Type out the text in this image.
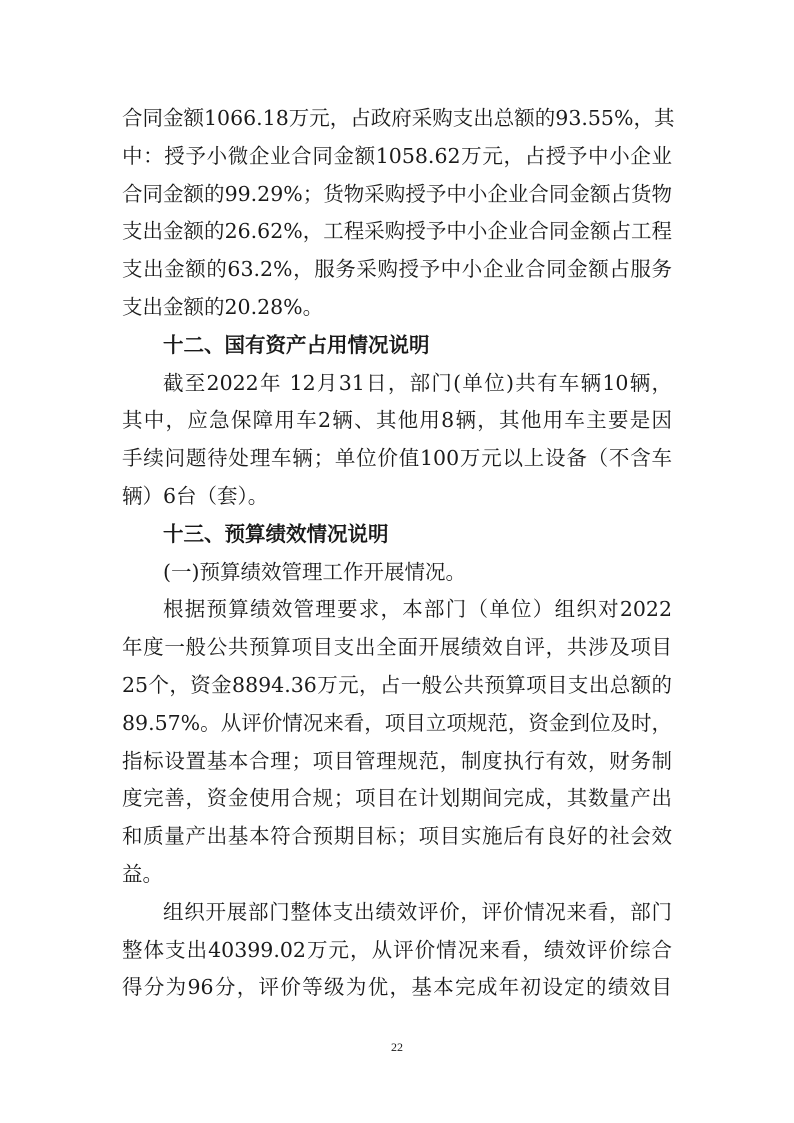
合同金额1066.18万元，占政府采购支出总额的93.55%，其
中：授予小微企业合同金额1058.62万元，占授予中小企业
合同金额的99.29%；货物采购授予中小企业合同金额占货物
支出金额的26.62%，工程采购授予中小企业合同金额占工程
支出金额的63.2%，服务采购授予中小企业合同金额占服务
支出金额的20.28%。
十二、国有资产占用情况说明
截至2022年 12月31日，部门(单位)共有车辆10辆，
其中，应急保障用车2辆、其他用8辆，其他用车主要是因
手续问题待处理车辆；单位价值100万元以上设备（不含车
辆）6台（套）。
十三、预算绩效情况说明
(一)预算绩效管理工作开展情况。
根据预算绩效管理要求，本部门（单位）组织对2022
年度一般公共预算项目支出全面开展绩效自评，共涉及项目
25个，资金8894.36万元，占一般公共预算项目支出总额的
89.57%。从评价情况来看，项目立项规范，资金到位及时，
指标设置基本合理；项目管理规范，制度执行有效，财务制
度完善，资金使用合规；项目在计划期间完成，其数量产出
和质量产出基本符合预期目标；项目实施后有良好的社会效
益。
组织开展部门整体支出绩效评价，评价情况来看，部门
整体支出40399.02万元，从评价情况来看，绩效评价综合
得分为96分，评价等级为优，基本完成年初设定的绩效目
22
